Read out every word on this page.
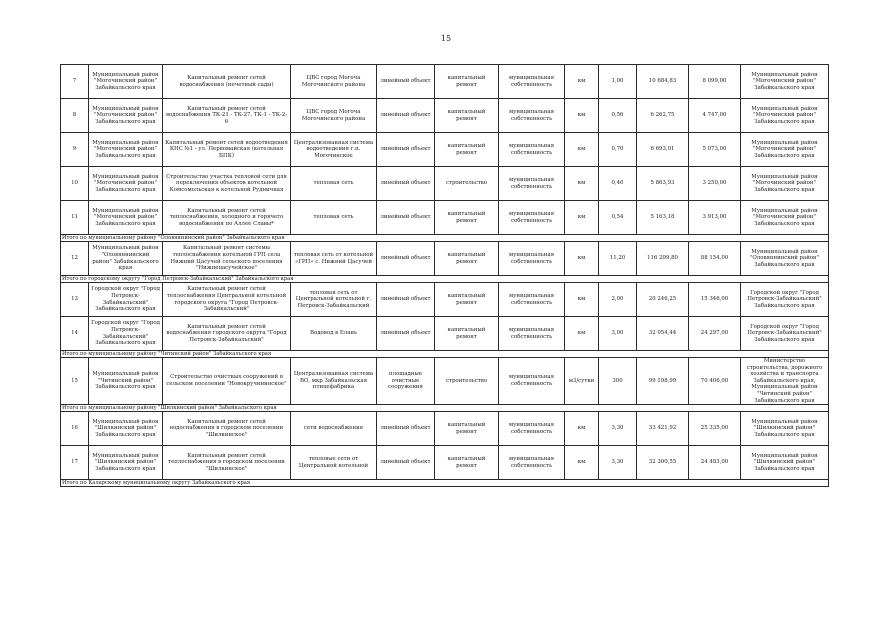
15
7	Муниципальный район "Могочинский район" Забайкальского края	Капитальный ремонт сетей водоснабжения (нечетный сады)	ЦВС город Могоча Могочинского района	линейный объект	капитальный ремонт	муниципальная собственность	км	1,00	10 684,83	8 099,00	Муниципальный район "Могочинский район" Забайкальского края
8	Муниципальный район "Могочинский район" Забайкальского края	Капитальный ремонт сетей водоснабжения ТК-21 - ТК-27, ТК-1 - ТК-2-6	ЦВС город Могоча Могочинского района	линейный объект	капитальный ремонт	муниципальная собственность	км	0,56	6 262,75	4 747,00	Муниципальный район "Могочинский район" Забайкальского края
9	Муниципальный район "Могочинский район" Забайкальского края	Капитальный ремонт сетей водоотведения КНС №1 - ул. Первомайская (котельная БПК)	Централизованная система водоотведения г.п. Могочинское	линейный объект	капитальный ремонт	муниципальная собственность	км	0,70	6 693,01	5 073,00	Муниципальный район "Могочинский район" Забайкальского края
10	Муниципальный район "Могочинский район" Забайкальского края	Строительство участка тепловой сети для переключения объектов котельной Комсомольская к котельной Рудничная	тепловая сеть	линейный объект	строительство	муниципальная собственность	км	0,40	5 863,93	3 250,00	Муниципальный район "Могочинский район" Забайкальского края
11	Муниципальный район "Могочинский район" Забайкальского края	Капитальный ремонт сетей теплоснабжения, холодного и горячего водоснабжения по Аллее Славы*	тепловая сеть	линейный объект	капитальный ремонт	муниципальная собственность	км	0,54	5 163,18	3 913,00	Муниципальный район "Могочинский район" Забайкальского края
Итого по муниципальному району "Оловяннинский район" Забайкальского края											
12	Муниципальный район "Оловяннинский район" Забайкальского края	Капитальный ремонт системы теплоснабжения котельной ГРП села Нижний Цасучей сельского поселения "Нижнецасучейское"	тепловая сеть от котельной «ГРП» с. Нижний Цасучей	линейный объект	капитальный ремонт	муниципальная собственность	км	11,20	116 299,80	88 154,00	Муниципальный район "Оловяннинский район" Забайкальского края
Итого по городскому округу "Город Петровск-Забайкальский" Забайкальского края											
13	Городской округ "Город Петровск-Забайкальский" Забайкальского края	Капитальный ремонт сетей теплоснабжения Центральной котельной городского округа "Город Петровск-Забайкальский"	тепловая сеть от Центральной котельной г. Петровск-Забайкальский	линейный объект	капитальный ремонт	муниципальная собственность	км	2,00	20 246,25	15 346,00	Городской округ "Город Петровск-Забайкальский" Забайкальского края
14	Городской округ "Город Петровск-Забайкальский" Забайкальского края	Капитальный ремонт сетей водоснабжения городского округа "Город Петровск-Забайкальский"	Водовод в Елань	линейный объект	капитальный ремонт	муниципальная собственность	км	3,00	32 054,44	24 297,00	Городской округ "Город Петровск-Забайкальский" Забайкальского края
Итого по муниципальному району "Читинский район" Забайкальского края											
15	Муниципальный район "Читинский район" Забайкальского края	Строительство очистных сооружений в сельском поселении "Новокручининское"	Централизованная система ВО, мкр Забайкальская птицефабрика	площадные очистные сооружения	строительство	муниципальная собственность	м3/сутки	300	99 198,99	70 406,00	Министерство строительства, дорожного хозяйства и транспорта Забайкальского края, Муниципальный район "Читинский район" Забайкальского края
Итого по муниципальному району "Шилкинский район" Забайкальского края											
16	Муниципальный район "Шилкинский район" Забайкальского края	Капитальный ремонт сетей водоснабжения в городском поселении "Шилкинское"	сети водоснабжения	линейный объект	капитальный ремонт	муниципальная собственность	км	3,30	33 421,92	25 335,00	Муниципальный район "Шилкинский район" Забайкальского края
17	Муниципальный район "Шилкинский район" Забайкальского края	Капитальный ремонт сетей теплоснабжения в городском поселении "Шилкинское"	тепловые сети от Центральной котельной	линейный объект	капитальный ремонт	муниципальная собственность	км	3,30	32 300,55	24 483,00	Муниципальный район "Шилкинский район" Забайкальского края
Итого по Каларскому муниципальному округу Забайкальского края											
